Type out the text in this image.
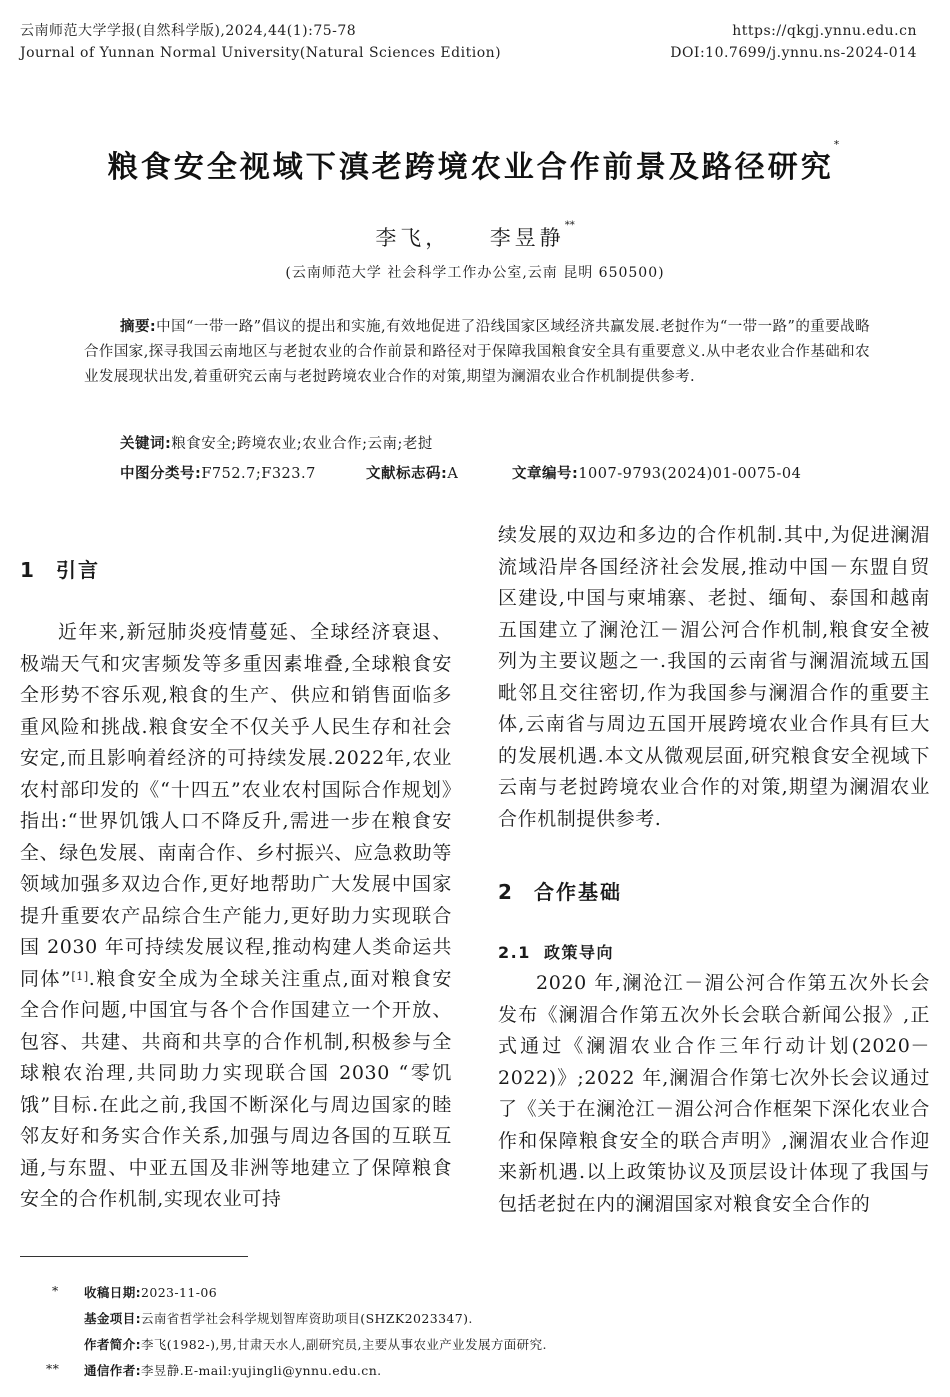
云南师范大学学报(自然科学版),2024,44(1):75-78
Journal of Yunnan Normal University(Natural Sciences Edition)
https://qkgj.ynnu.edu.cn
DOI:10.7699/j.ynnu.ns-2024-014
粮食安全视域下滇老跨境农业合作前景及路径研究*
李飞， 李昱静**
(云南师范大学 社会科学工作办公室,云南 昆明 650500)
摘要:中国“一带一路”倡议的提出和实施,有效地促进了沿线国家区域经济共赢发展.老挝作为“一带一路”的重要战略合作国家,探寻我国云南地区与老挝农业的合作前景和路径对于保障我国粮食安全具有重要意义.从中老农业合作基础和农业发展现状出发,着重研究云南与老挝跨境农业合作的对策,期望为澜湄农业合作机制提供参考.
关键词:粮食安全;跨境农业;农业合作;云南;老挝
中图分类号:F752.7;F323.7	文献标志码:A	文章编号:1007-9793(2024)01-0075-04
1 引言

近年来,新冠肺炎疫情蔓延、全球经济衰退、极端天气和灾害频发等多重因素堆叠,全球粮食安全形势不容乐观,粮食的生产、供应和销售面临多重风险和挑战.粮食安全不仅关乎人民生存和社会安定,而且影响着经济的可持续发展.2022年,农业农村部印发的《“十四五”农业农村国际合作规划》指出:“世界饥饿人口不降反升,需进一步在粮食安全、绿色发展、南南合作、乡村振兴、应急救助等领域加强多双边合作,更好地帮助广大发展中国家提升重要农产品综合生产能力,更好助力实现联合国 2030 年可持续发展议程,推动构建人类命运共同体”[1].粮食安全成为全球关注重点,面对粮食安全合作问题,中国宜与各个合作国建立一个开放、包容、共建、共商和共享的合作机制,积极参与全球粮农治理,共同助力实现联合国 2030 “零饥饿”目标.在此之前,我国不断深化与周边国家的睦邻友好和务实合作关系,加强与周边各国的互联互通,与东盟、中亚五国及非洲等地建立了保障粮食安全的合作机制,实现农业可持

续发展的双边和多边的合作机制.其中,为促进澜湄流域沿岸各国经济社会发展,推动中国－东盟自贸区建设,中国与柬埔寨、老挝、缅甸、泰国和越南五国建立了澜沧江－湄公河合作机制,粮食安全被列为主要议题之一.我国的云南省与澜湄流域五国毗邻且交往密切,作为我国参与澜湄合作的重要主体,云南省与周边五国开展跨境农业合作具有巨大的发展机遇.本文从微观层面,研究粮食安全视域下云南与老挝跨境农业合作的对策,期望为澜湄农业合作机制提供参考.

2 合作基础
2.1 政策导向

2020 年,澜沧江－湄公河合作第五次外长会发布《澜湄合作第五次外长会联合新闻公报》,正式通过《澜湄农业合作三年行动计划(2020－2022)》;2022 年,澜湄合作第七次外长会议通过了《关于在澜沧江－湄公河合作框架下深化农业合作和保障粮食安全的联合声明》,澜湄农业合作迎来新机遇.以上政策协议及顶层设计体现了我国与包括老挝在内的澜湄国家对粮食安全合作的

* 收稿日期:2023-11-06
基金项目:云南省哲学社会科学规划智库资助项目(SHZK2023347).
作者简介:李飞(1982-),男,甘肃天水人,副研究员,主要从事农业产业发展方面研究.
** 通信作者:李昱静.E-mail:yujingli@ynnu.edu.cn.
